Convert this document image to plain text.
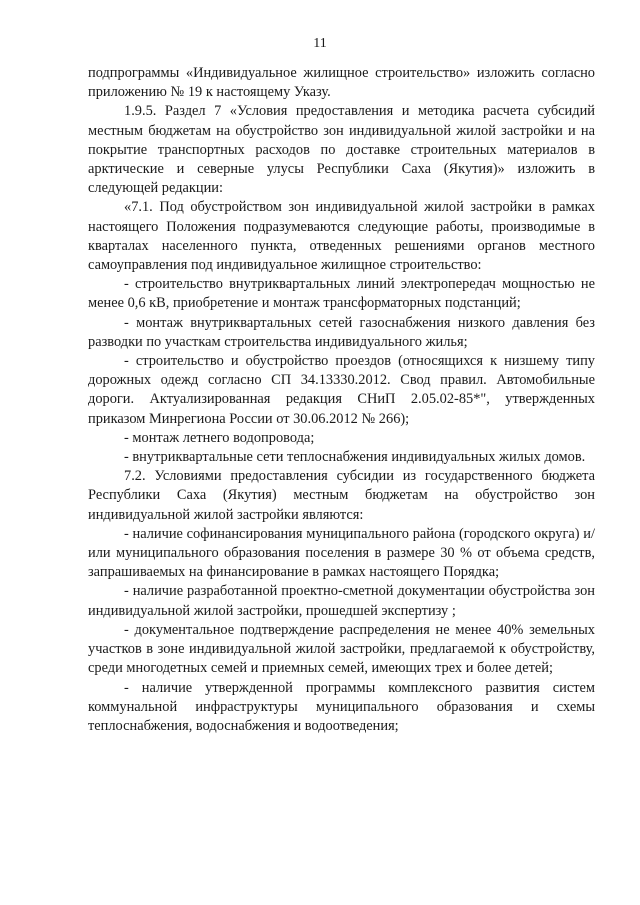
11

подпрограммы «Индивидуальное жилищное строительство» изложить согласно приложению № 19 к настоящему Указу.

1.9.5. Раздел 7 «Условия предоставления и методика расчета субсидий местным бюджетам на обустройство зон индивидуальной жилой застройки и на покрытие транспортных расходов по доставке строительных материалов в арктические и северные улусы Республики Саха (Якутия)» изложить в следующей редакции:

«7.1. Под обустройством зон индивидуальной жилой застройки в рамках настоящего Положения подразумеваются следующие работы, производимые в кварталах населенного пункта, отведенных решениями органов местного самоуправления под индивидуальное жилищное строительство:

- строительство внутриквартальных линий электропередач мощностью не менее 0,6 кВ, приобретение и монтаж трансформаторных подстанций;

- монтаж внутриквартальных сетей газоснабжения низкого давления без разводки по участкам строительства индивидуального жилья;

- строительство и обустройство проездов (относящихся к низшему типу дорожных одежд согласно СП 34.13330.2012. Свод правил. Автомобильные дороги. Актуализированная редакция СНиП 2.05.02-85*", утвержденных приказом Минрегиона России от 30.06.2012 № 266);

- монтаж летнего водопровода;

- внутриквартальные сети теплоснабжения индивидуальных жилых домов.

7.2. Условиями предоставления субсидии из государственного бюджета Республики Саха (Якутия) местным бюджетам на обустройство зон индивидуальной жилой застройки являются:

- наличие софинансирования муниципального района (городского округа) и/или муниципального образования поселения в размере 30 % от объема средств, запрашиваемых на финансирование в рамках настоящего Порядка;

- наличие разработанной проектно-сметной документации обустройства зон индивидуальной жилой застройки, прошедшей экспертизу ;

- документальное подтверждение распределения не менее 40% земельных участков в зоне индивидуальной жилой застройки, предлагаемой к обустройству, среди многодетных семей и приемных семей, имеющих трех и более детей;

- наличие утвержденной программы комплексного развития систем коммунальной инфраструктуры муниципального образования и схемы теплоснабжения, водоснабжения и водоотведения;
